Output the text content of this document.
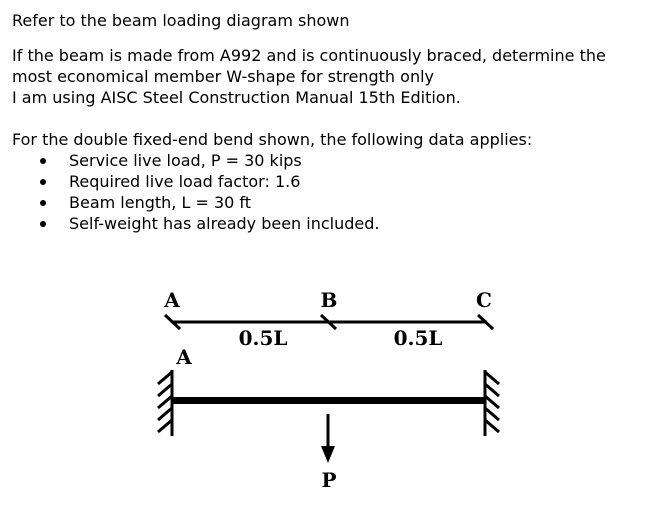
Refer to the beam loading diagram shown

If the beam is made from A992 and is continuously braced, determine the

most economical member W-shape for strength only

I am using AISC Steel Construction Manual 15th Edition.

For the double fixed-end bend shown, the following data applies:

Service live load, P = 30 kips
Required live load factor: 1.6
Beam length, L = 30 ft
Self-weight has already been included.
A	B	C
0.5L	0.5L
A
P
